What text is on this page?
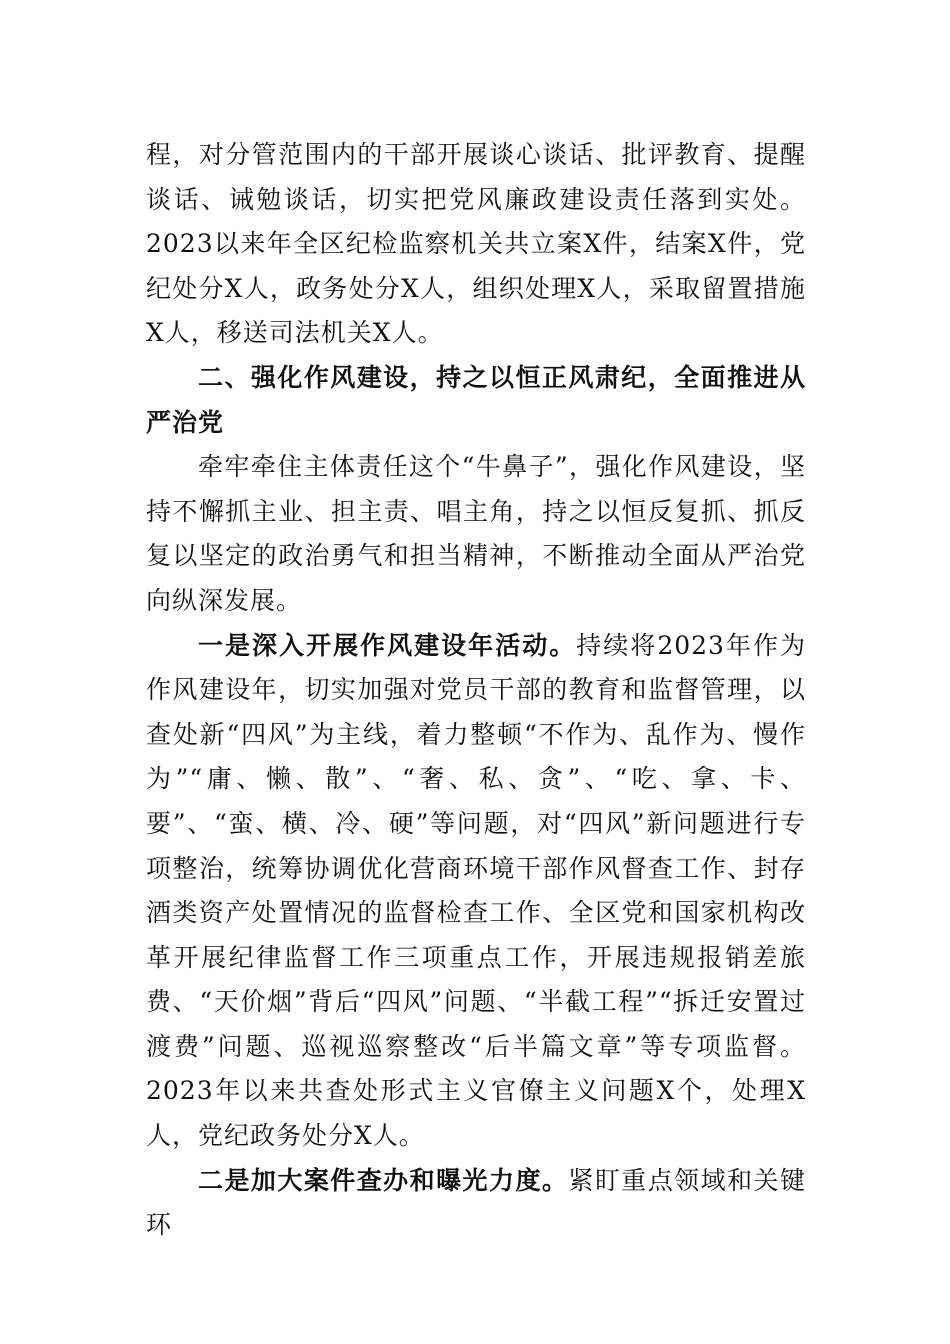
程，对分管范围内的干部开展谈心谈话、批评教育、提醒谈话、诫勉谈话，切实把党风廉政建设责任落到实处。2023以来年全区纪检监察机关共立案X件，结案X件，党纪处分X人，政务处分X人，组织处理X人，采取留置措施X人，移送司法机关X人。

二、强化作风建设，持之以恒正风肃纪，全面推进从严治党

牵牢牵住主体责任这个“牛鼻子”，强化作风建设，坚持不懈抓主业、担主责、唱主角，持之以恒反复抓、抓反复以坚定的政治勇气和担当精神，不断推动全面从严治党向纵深发展。

一是深入开展作风建设年活动。持续将2023年作为作风建设年，切实加强对党员干部的教育和监督管理，以查处新“四风”为主线，着力整顿“不作为、乱作为、慢作为”“庸、懒、散”、“奢、私、贪”、“吃、拿、卡、要”、“蛮、横、冷、硬”等问题，对“四风”新问题进行专项整治，统筹协调优化营商环境干部作风督查工作、封存酒类资产处置情况的监督检查工作、全区党和国家机构改革开展纪律监督工作三项重点工作，开展违规报销差旅费、“天价烟”背后“四风”问题、“半截工程”“拆迁安置过渡费”问题、巡视巡察整改“后半篇文章”等专项监督。2023年以来共查处形式主义官僚主义问题X个，处理X人，党纪政务处分X人。

二是加大案件查办和曝光力度。紧盯重点领域和关键环
